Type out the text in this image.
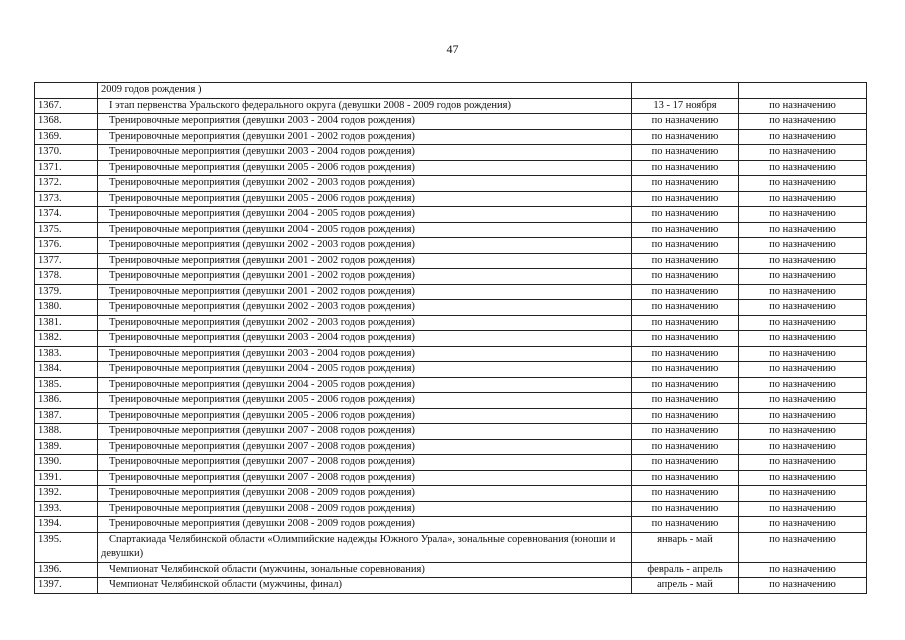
47
	2009 годов рождения )		
1367.	I этап первенства Уральского федерального округа (девушки 2008 - 2009 годов рождения)	13 - 17 ноября	по назначению
1368.	Тренировочные мероприятия (девушки 2003 - 2004 годов рождения)	по назначению	по назначению
1369.	Тренировочные мероприятия (девушки 2001 - 2002 годов рождения)	по назначению	по назначению
1370.	Тренировочные мероприятия (девушки 2003 - 2004 годов рождения)	по назначению	по назначению
1371.	Тренировочные мероприятия (девушки 2005 - 2006 годов рождения)	по назначению	по назначению
1372.	Тренировочные мероприятия (девушки 2002 - 2003 годов рождения)	по назначению	по назначению
1373.	Тренировочные мероприятия (девушки 2005 - 2006 годов рождения)	по назначению	по назначению
1374.	Тренировочные мероприятия (девушки 2004 - 2005 годов рождения)	по назначению	по назначению
1375.	Тренировочные мероприятия (девушки 2004 - 2005 годов рождения)	по назначению	по назначению
1376.	Тренировочные мероприятия (девушки 2002 - 2003 годов рождения)	по назначению	по назначению
1377.	Тренировочные мероприятия (девушки 2001 - 2002 годов рождения)	по назначению	по назначению
1378.	Тренировочные мероприятия (девушки 2001 - 2002 годов рождения)	по назначению	по назначению
1379.	Тренировочные мероприятия (девушки 2001 - 2002 годов рождения)	по назначению	по назначению
1380.	Тренировочные мероприятия (девушки 2002 - 2003 годов рождения)	по назначению	по назначению
1381.	Тренировочные мероприятия (девушки 2002 - 2003 годов рождения)	по назначению	по назначению
1382.	Тренировочные мероприятия (девушки 2003 - 2004 годов рождения)	по назначению	по назначению
1383.	Тренировочные мероприятия (девушки 2003 - 2004 годов рождения)	по назначению	по назначению
1384.	Тренировочные мероприятия (девушки 2004 - 2005 годов рождения)	по назначению	по назначению
1385.	Тренировочные мероприятия (девушки 2004 - 2005 годов рождения)	по назначению	по назначению
1386.	Тренировочные мероприятия (девушки 2005 - 2006 годов рождения)	по назначению	по назначению
1387.	Тренировочные мероприятия (девушки 2005 - 2006 годов рождения)	по назначению	по назначению
1388.	Тренировочные мероприятия (девушки 2007 - 2008 годов рождения)	по назначению	по назначению
1389.	Тренировочные мероприятия (девушки 2007 - 2008 годов рождения)	по назначению	по назначению
1390.	Тренировочные мероприятия (девушки 2007 - 2008 годов рождения)	по назначению	по назначению
1391.	Тренировочные мероприятия (девушки 2007 - 2008 годов рождения)	по назначению	по назначению
1392.	Тренировочные мероприятия (девушки 2008 - 2009 годов рождения)	по назначению	по назначению
1393.	Тренировочные мероприятия (девушки 2008 - 2009 годов рождения)	по назначению	по назначению
1394.	Тренировочные мероприятия (девушки 2008 - 2009 годов рождения)	по назначению	по назначению
1395.	Спартакиада Челябинской области «Олимпийские надежды Южного Урала», зональные соревнования (юноши и девушки)	январь - май	по назначению
1396.	Чемпионат Челябинской области (мужчины, зональные соревнования)	февраль - апрель	по назначению
1397.	Чемпионат Челябинской области (мужчины, финал)	апрель - май	по назначению
